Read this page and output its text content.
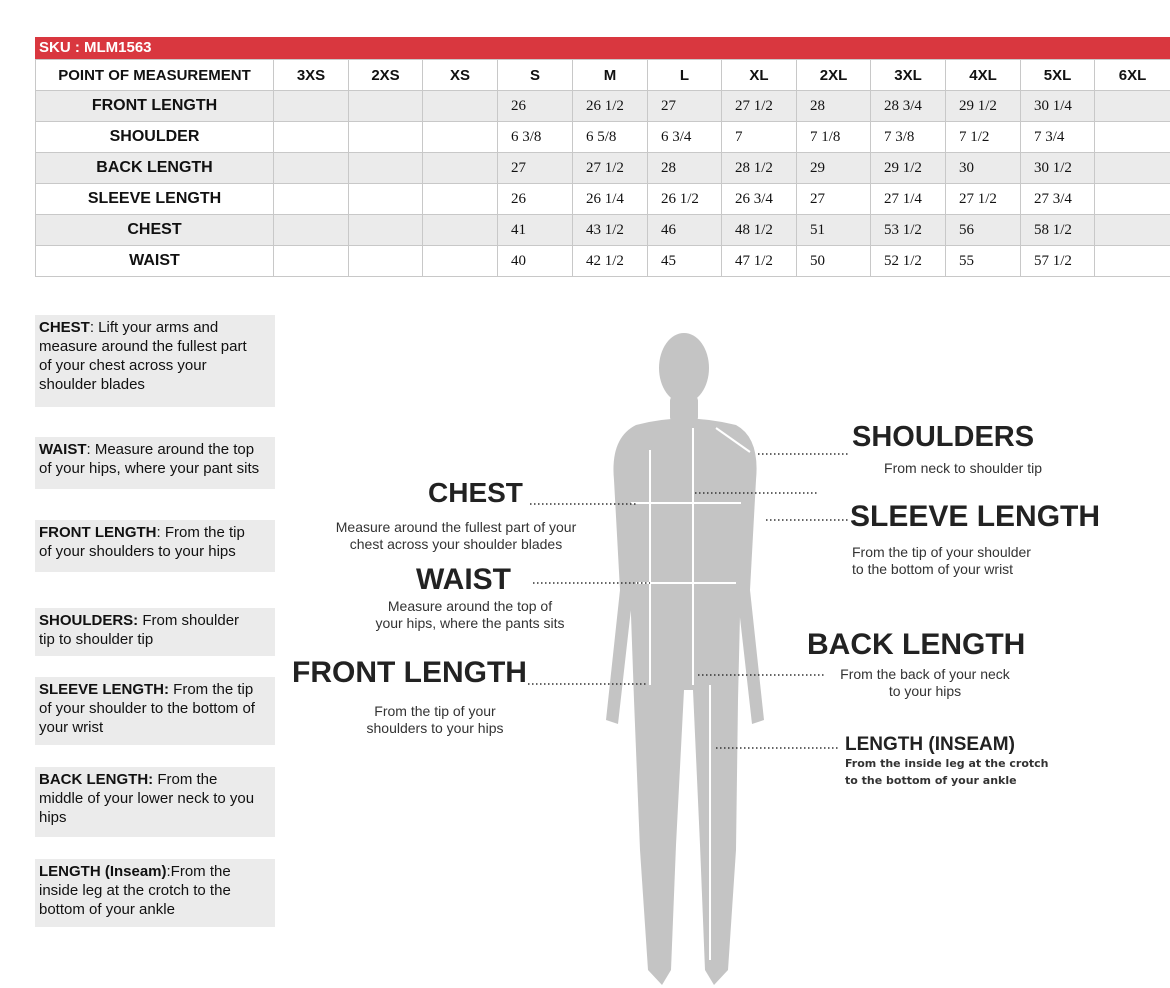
SKU : MLM1563
POINT OF MEASUREMENT	3XS	2XS	XS	S	M	L	XL	2XL	3XL	4XL	5XL	6XL
FRONT LENGTH				26	26 1/2	27	27 1/2	28	28 3/4	29 1/2	30 1/4	
SHOULDER				6 3/8	6 5/8	6 3/4	7	7 1/8	7 3/8	7 1/2	7 3/4	
BACK LENGTH				27	27 1/2	28	28 1/2	29	29 1/2	30	30 1/2	
SLEEVE LENGTH				26	26 1/4	26 1/2	26 3/4	27	27 1/4	27 1/2	27 3/4	
CHEST				41	43 1/2	46	48 1/2	51	53 1/2	56	58 1/2	
WAIST				40	42 1/2	45	47 1/2	50	52 1/2	55	57 1/2	
CHEST: Lift your arms and
measure around the fullest part
of your chest across your
shoulder blades
WAIST: Measure around the top
of your hips, where your pant sits
FRONT LENGTH: From the tip
of your shoulders to your hips
SHOULDERS: From shoulder
tip to shoulder tip
SLEEVE LENGTH: From the tip
of your shoulder to the bottom of
your wrist
BACK LENGTH: From the
middle of your lower neck to you
hips
LENGTH (Inseam):From the
inside leg at the crotch to the
bottom of your ankle
CHEST
Measure around the fullest part of your
chest across your shoulder blades
WAIST
Measure around the top of
your hips, where the pants sits
FRONT LENGTH
From the tip of your
shoulders to your hips
SHOULDERS
From neck to shoulder tip
SLEEVE LENGTH
From the tip of your shoulder
to the bottom of your wrist
BACK LENGTH
From the back of your neck
to your hips
LENGTH (INSEAM)
From the inside leg at the crotch
to the bottom of your ankle
